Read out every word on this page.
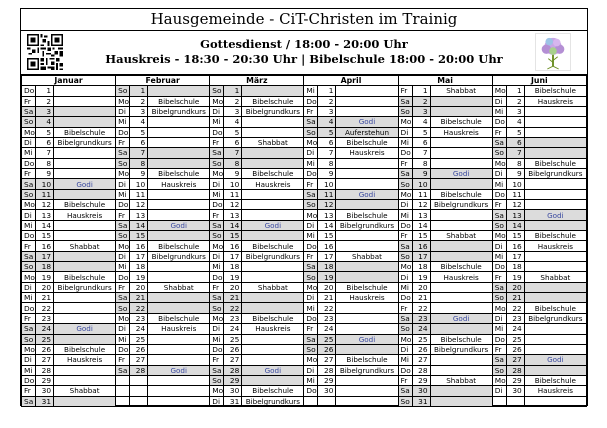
Hausgemeinde - CiT-Christen im Trainig
Gottesdienst / 18:00 - 20:00 Uhr
Hauskreis - 18:30 - 20:30 Uhr | Bibelschule 18:00 - 20:00 Uhr
Januar			Februar			März			April			Mai			Juni		
Do	1		So	1		So	1		Mi	1		Fr	1	Shabbat	Mo	1	Bibelschule
Fr	2		Mo	2	Bibelschule	Mo	2	Bibelschule	Do	2		Sa	2		Di	2	Hauskreis
Sa	3		Di	3	Bibelgrundkurs	Di	3	Bibelgrundkurs	Fr	3		So	3		Mi	3	
So	4		Mi	4		Mi	4		Sa	4	Godi	Mo	4	Bibelschule	Do	4	
Mo	5	Bibelschule	Do	5		Do	5		So	5	Auferstehun	Di	5	Hauskreis	Fr	5	
Di	6	Bibelgrundkurs	Fr	6		Fr	6	Shabbat	Mo	6	Bibelschule	Mi	6		Sa	6	
Mi	7		Sa	7		Sa	7		Di	7	Hauskreis	Do	7		So	7	
Do	8		So	8		So	8		Mi	8		Fr	8		Mo	8	Bibelschule
Fr	9		Mo	9	Bibelschule	Mo	9	Bibelschule	Do	9		Sa	9	Godi	Di	9	Bibelgrundkurs
Sa	10	Godi	Di	10	Hauskreis	Di	10	Hauskreis	Fr	10		So	10		Mi	10	
So	11		Mi	11		Mi	11		Sa	11	Godi	Mo	11	Bibelschule	Do	11	
Mo	12	Bibelschule	Do	12		Do	12		So	12		Di	12	Bibelgrundkurs	Fr	12	
Di	13	Hauskreis	Fr	13		Fr	13		Mo	13	Bibelschule	Mi	13		Sa	13	Godi
Mi	14		Sa	14	Godi	Sa	14	Godi	Di	14	Bibelgrundkurs	Do	14		So	14	
Do	15		So	15		So	15		Mi	15		Fr	15	Shabbat	Mo	15	Bibelschule
Fr	16	Shabbat	Mo	16	Bibelschule	Mo	16	Bibelschule	Do	16		Sa	16		Di	16	Hauskreis
Sa	17		Di	17	Bibelgrundkurs	Di	17	Bibelgrundkurs	Fr	17	Shabbat	So	17		Mi	17	
So	18		Mi	18		Mi	18		Sa	18		Mo	18	Bibelschule	Do	18	
Mo	19	Bibelschule	Do	19		Do	19		So	19		Di	19	Hauskreis	Fr	19	Shabbat
Di	20	Bibelgrundkurs	Fr	20	Shabbat	Fr	20	Shabbat	Mo	20	Bibelschule	Mi	20		Sa	20	
Mi	21		Sa	21		Sa	21		Di	21	Hauskreis	Do	21		So	21	
Do	22		So	22		So	22		Mi	22		Fr	22		Mo	22	Bibelschule
Fr	23		Mo	23	Bibelschule	Mo	23	Bibelschule	Do	23		Sa	23	Godi	Di	23	Bibelgrundkurs
Sa	24	Godi	Di	24	Hauskreis	Di	24	Hauskreis	Fr	24		So	24		Mi	24	
So	25		Mi	25		Mi	25		Sa	25	Godi	Mo	25	Bibelschule	Do	25	
Mo	26	Bibelschule	Do	26		Do	26		So	26		Di	26	Bibelgrundkurs	Fr	26	
Di	27	Hauskreis	Fr	27		Fr	27		Mo	27	Bibelschule	Mi	27		Sa	27	Godi
Mi	28		Sa	28	Godi	Sa	28	Godi	Di	28	Bibelgrundkurs	Do	28		So	28	
Do	29					So	29		Mi	29		Fr	29	Shabbat	Mo	29	Bibelschule
Fr	30	Shabbat				Mo	30	Bibelschule	Do	30		Sa	30		Di	30	Hauskreis
Sa	31					Di	31	Bibelgrundkurs				So	31				
